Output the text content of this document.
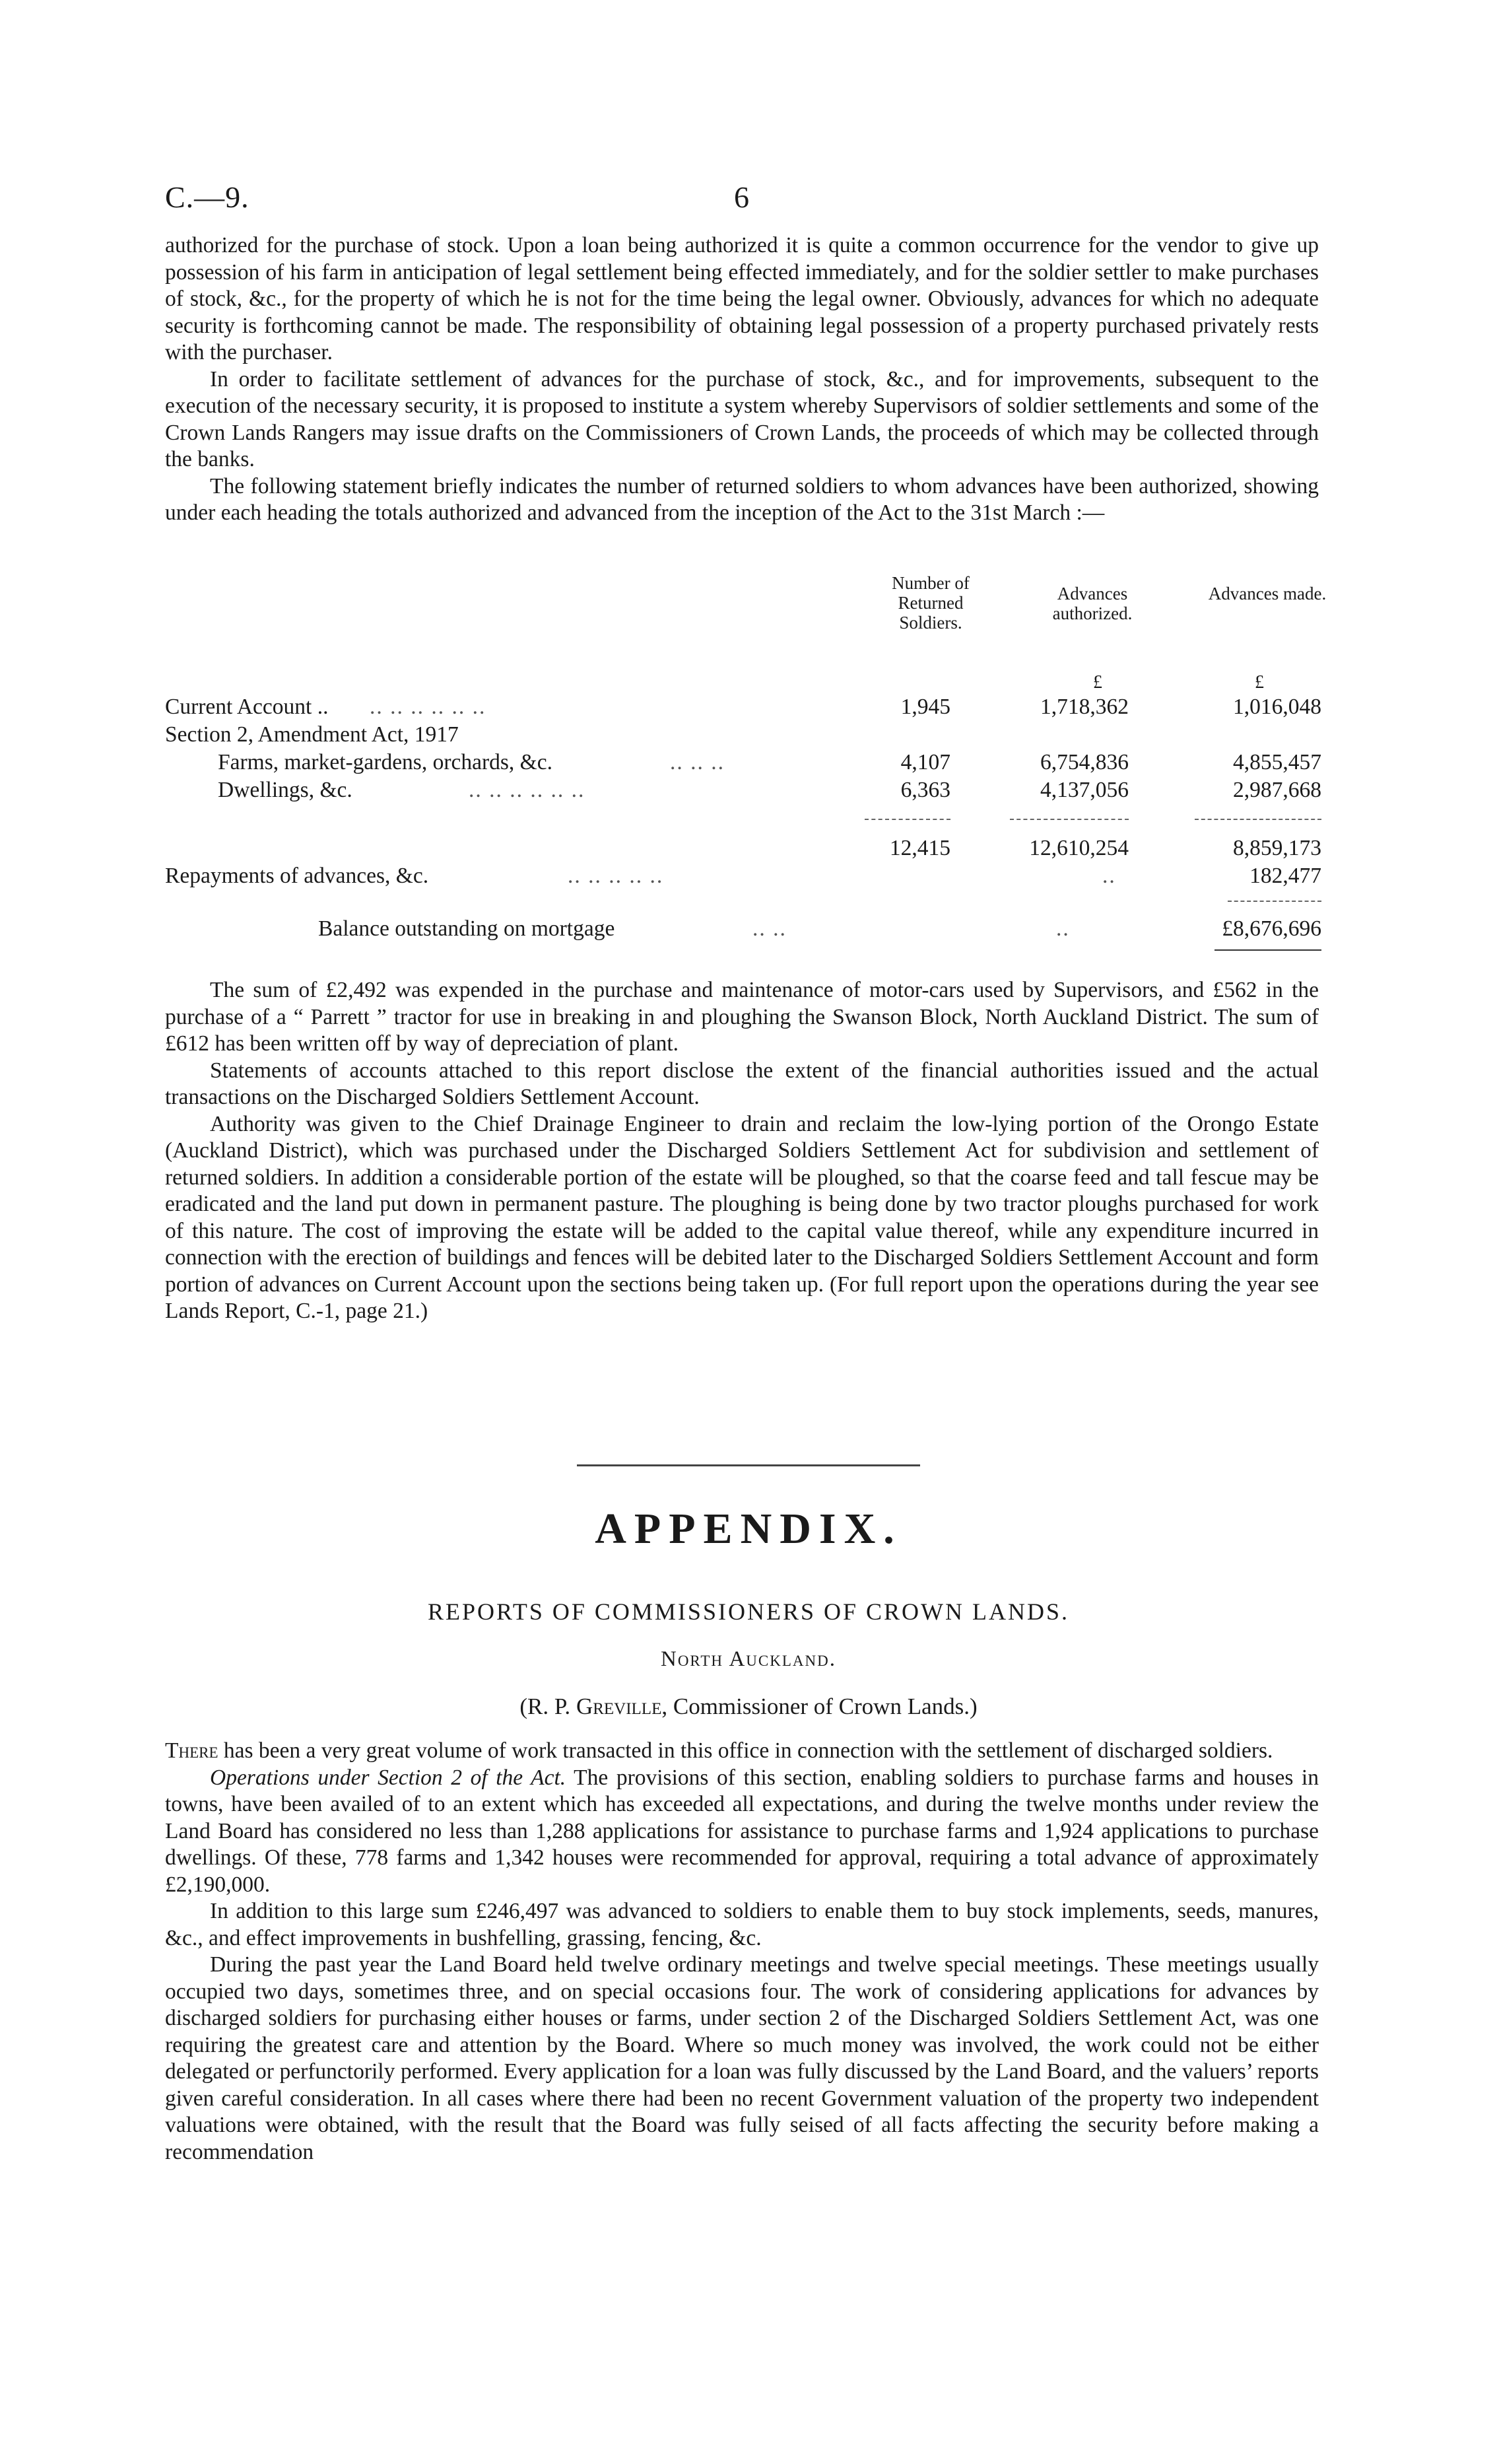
C.—9.	6

authorized for the purchase of stock. Upon a loan being authorized it is quite a common occurrence for the vendor to give up possession of his farm in anticipation of legal settlement being effected immediately, and for the soldier settler to make purchases of stock, &c., for the property of which he is not for the time being the legal owner. Obviously, advances for which no adequate security is forthcoming cannot be made. The responsibility of obtaining legal possession of a property purchased privately rests with the purchaser.

In order to facilitate settlement of advances for the purchase of stock, &c., and for improvements, subsequent to the execution of the necessary security, it is proposed to institute a system whereby Supervisors of soldier settlements and some of the Crown Lands Rangers may issue drafts on the Commissioners of Crown Lands, the proceeds of which may be collected through the banks.

The following statement briefly indicates the number of returned soldiers to whom advances have been authorized, showing under each heading the totals authorized and advanced from the inception of the Act to the 31st March :—

Number of Returned Soldiers.
Advances authorized.
Advances made.
£	£
Current Account .. .. .. .. .. .. ..	1,945	1,718,362	1,016,048
Section 2, Amendment Act, 1917
Farms, market-gardens, orchards, &c.	.. .. ..	4,107	6,754,836	4,855,457
Dwellings, &c.	.. .. .. .. .. ..	6,363	4,137,056	2,987,668
12,415	12,610,254	8,859,173
Repayments of advances, &c.	.. .. .. .. ..	..	182,477
Balance outstanding on mortgage	.. ..	..	£8,676,696

The sum of £2,492 was expended in the purchase and maintenance of motor-cars used by Supervisors, and £562 in the purchase of a “ Parrett ” tractor for use in breaking in and ploughing the Swanson Block, North Auckland District. The sum of £612 has been written off by way of depreciation of plant.

Statements of accounts attached to this report disclose the extent of the financial authorities issued and the actual transactions on the Discharged Soldiers Settlement Account.

Authority was given to the Chief Drainage Engineer to drain and reclaim the low-lying portion of the Orongo Estate (Auckland District), which was purchased under the Discharged Soldiers Settlement Act for subdivision and settlement of returned soldiers. In addition a considerable portion of the estate will be ploughed, so that the coarse feed and tall fescue may be eradicated and the land put down in permanent pasture. The ploughing is being done by two tractor ploughs purchased for work of this nature. The cost of improving the estate will be added to the capital value thereof, while any expenditure incurred in connection with the erection of buildings and fences will be debited later to the Discharged Soldiers Settlement Account and form portion of advances on Current Account upon the sections being taken up. (For full report upon the operations during the year see Lands Report, C.-1, page 21.)

APPENDIX.
REPORTS OF COMMISSIONERS OF CROWN LANDS.
North Auckland.
(R. P. Greville, Commissioner of Crown Lands.)

There has been a very great volume of work transacted in this office in connection with the settlement of discharged soldiers.

Operations under Section 2 of the Act. The provisions of this section, enabling soldiers to purchase farms and houses in towns, have been availed of to an extent which has exceeded all expectations, and during the twelve months under review the Land Board has considered no less than 1,288 applications for assistance to purchase farms and 1,924 applications to purchase dwellings. Of these, 778 farms and 1,342 houses were recommended for approval, requiring a total advance of approximately £2,190,000.

In addition to this large sum £246,497 was advanced to soldiers to enable them to buy stock implements, seeds, manures, &c., and effect improvements in bushfelling, grassing, fencing, &c.

During the past year the Land Board held twelve ordinary meetings and twelve special meetings. These meetings usually occupied two days, sometimes three, and on special occasions four. The work of considering applications for advances by discharged soldiers for purchasing either houses or farms, under section 2 of the Discharged Soldiers Settlement Act, was one requiring the greatest care and attention by the Board. Where so much money was involved, the work could not be either delegated or perfunctorily performed. Every application for a loan was fully discussed by the Land Board, and the valuers’ reports given careful consideration. In all cases where there had been no recent Government valuation of the property two independent valuations were obtained, with the result that the Board was fully seised of all facts affecting the security before making a recommendation
